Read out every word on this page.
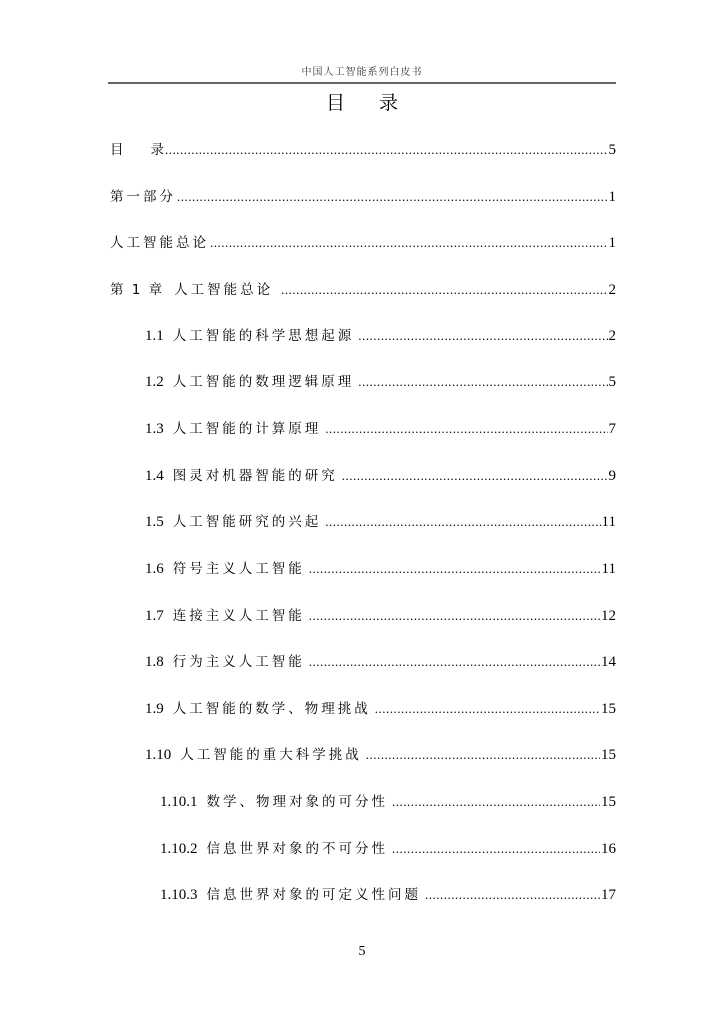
中国人工智能系列白皮书
目 录
目　　录 .....	5
第一部分 .....	1
人工智能总论 .....	1
第 1 章 人工智能总论 .....	2
1.1 人工智能的科学思想起源 .....	2
1.2 人工智能的数理逻辑原理 .....	5
1.3 人工智能的计算原理 .....	7
1.4 图灵对机器智能的研究 .....	9
1.5 人工智能研究的兴起 .....	11
1.6 符号主义人工智能 .....	11
1.7 连接主义人工智能 .....	12
1.8 行为主义人工智能 .....	14
1.9 人工智能的数学、物理挑战 .....	15
1.10 人工智能的重大科学挑战 .....	15
1.10.1 数学、物理对象的可分性 .....	15
1.10.2 信息世界对象的不可分性 .....	16
1.10.3 信息世界对象的可定义性问题 .....	17
5
